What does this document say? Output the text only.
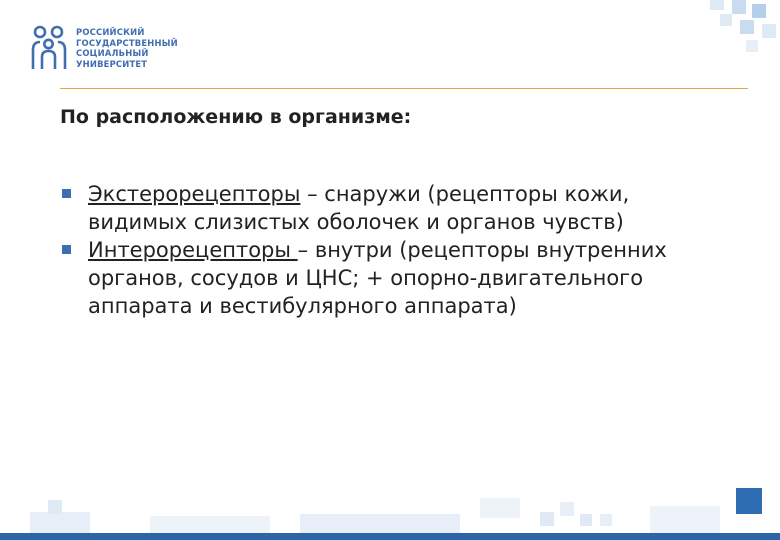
РОССИЙСКИЙ
ГОСУДАРСТВЕННЫЙ
СОЦИАЛЬНЫЙ
УНИВЕРСИТЕТ
По расположению в организме:
Экстерорецепторы – снаружи (рецепторы кожи, видимых слизистых оболочек и органов чувств)
Интерорецепторы – внутри (рецепторы внутренних органов, сосудов и ЦНС; + опорно-двигательного аппарата и вестибулярного аппарата)
